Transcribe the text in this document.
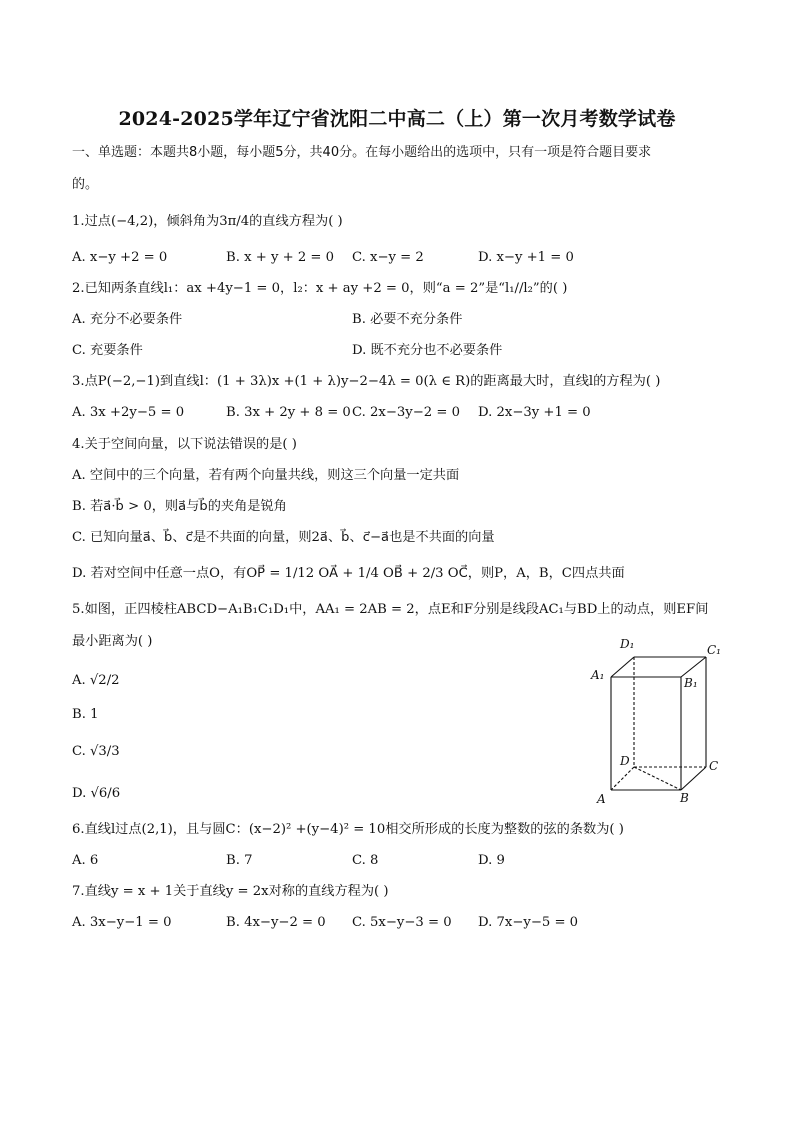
2024-2025学年辽宁省沈阳二中高二（上）第一次月考数学试卷
一、单选题：本题共8小题，每小题5分，共40分。在每小题给出的选项中，只有一项是符合题目要求
的。
1.过点(−4,2)，倾斜角为3π/4的直线方程为( )
A. x−y +2 = 0	B. x + y + 2 = 0 C. x−y = 2	D. x−y +1 = 0
2.已知两条直线l₁：ax +4y−1 = 0，l₂：x + ay +2 = 0，则“a = 2”是“l₁//l₂”的( )
A. 充分不必要条件	B. 必要不充分条件
C. 充要条件	D. 既不充分也不必要条件
3.点P(−2,−1)到直线l：(1 + 3λ)x +(1 + λ)y−2−4λ = 0(λ ∈ R)的距离最大时，直线l的方程为( )
A. 3x +2y−5 = 0	B. 3x + 2y + 8 = 0 C. 2x−3y−2 = 0 D. 2x−3y +1 = 0
4.关于空间向量，以下说法错误的是( )
A. 空间中的三个向量，若有两个向量共线，则这三个向量一定共面
B. 若a⃗·b⃗ > 0，则a⃗与b⃗的夹角是锐角
C. 已知向量a⃗、b⃗、c⃗是不共面的向量，则2a⃗、b⃗、c⃗−a⃗也是不共面的向量
D. 若对空间中任意一点O，有OP⃗ = 1/12 OA⃗ + 1/4 OB⃗ + 2/3 OC⃗，则P，A，B，C四点共面
5.如图，正四棱柱ABCD−A₁B₁C₁D₁中，AA₁ = 2AB = 2，点E和F分别是线段AC₁与BD上的动点，则EF间
最小距离为( )
A. √2/2
B. 1
C. √3/3
D. √6/6
D₁	C₁
A₁
B₁
D	C
A	B
6.直线l过点(2,1)，且与圆C：(x−2)² +(y−4)² = 10相交所形成的长度为整数的弦的条数为( )
A. 6	B. 7	C. 8	D. 9
7.直线y = x + 1关于直线y = 2x对称的直线方程为( )
A. 3x−y−1 = 0	B. 4x−y−2 = 0 C. 5x−y−3 = 0 D. 7x−y−5 = 0
